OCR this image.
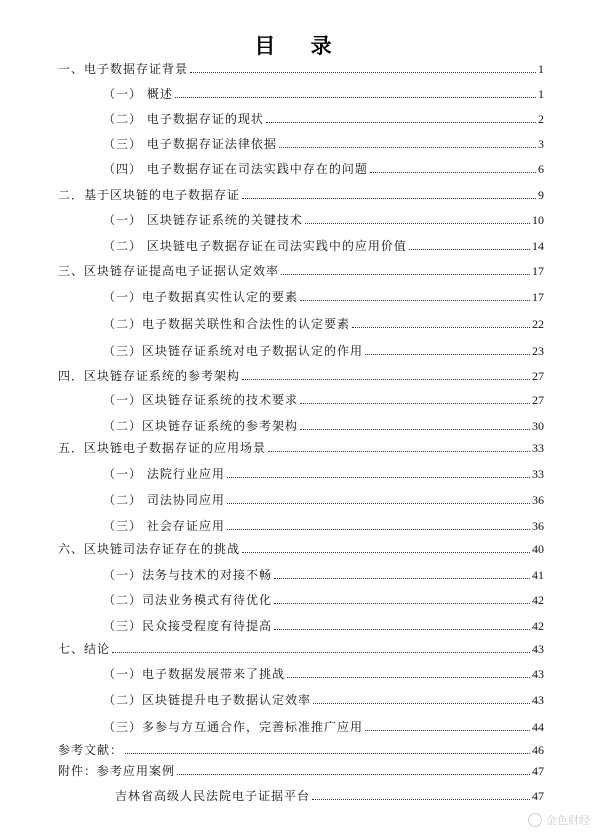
目 录
一、电子数据存证背景	1
（一） 概述	1
（二） 电子数据存证的现状	2
（三） 电子数据存证法律依据	3
（四） 电子数据存证在司法实践中存在的问题	6
二．基于区块链的电子数据存证	9
（一） 区块链存证系统的关键技术	10
（二） 区块链电子数据存证在司法实践中的应用价值	14
三、区块链存证提高电子证据认定效率	17
（一）电子数据真实性认定的要素	17
（二）电子数据关联性和合法性的认定要素	22
（三）区块链存证系统对电子数据认定的作用	23
四．区块链存证系统的参考架构	27
（一）区块链存证系统的技术要求	27
（二）区块链存证系统的参考架构	30
五．区块链电子数据存证的应用场景	33
（一） 法院行业应用	33
（二） 司法协同应用	36
（三） 社会存证应用	36
六、区块链司法存证存在的挑战	40
（一）法务与技术的对接不畅	41
（二）司法业务模式有待优化	42
（三）民众接受程度有待提高	42
七、结论	43
（一）电子数据发展带来了挑战	43
（二）区块链提升电子数据认定效率	43
（三）多参与方互通合作，完善标准推广应用	44
参考文献：	46
附件：参考应用案例	47
吉林省高级人民法院电子证据平台	47
金色财经
